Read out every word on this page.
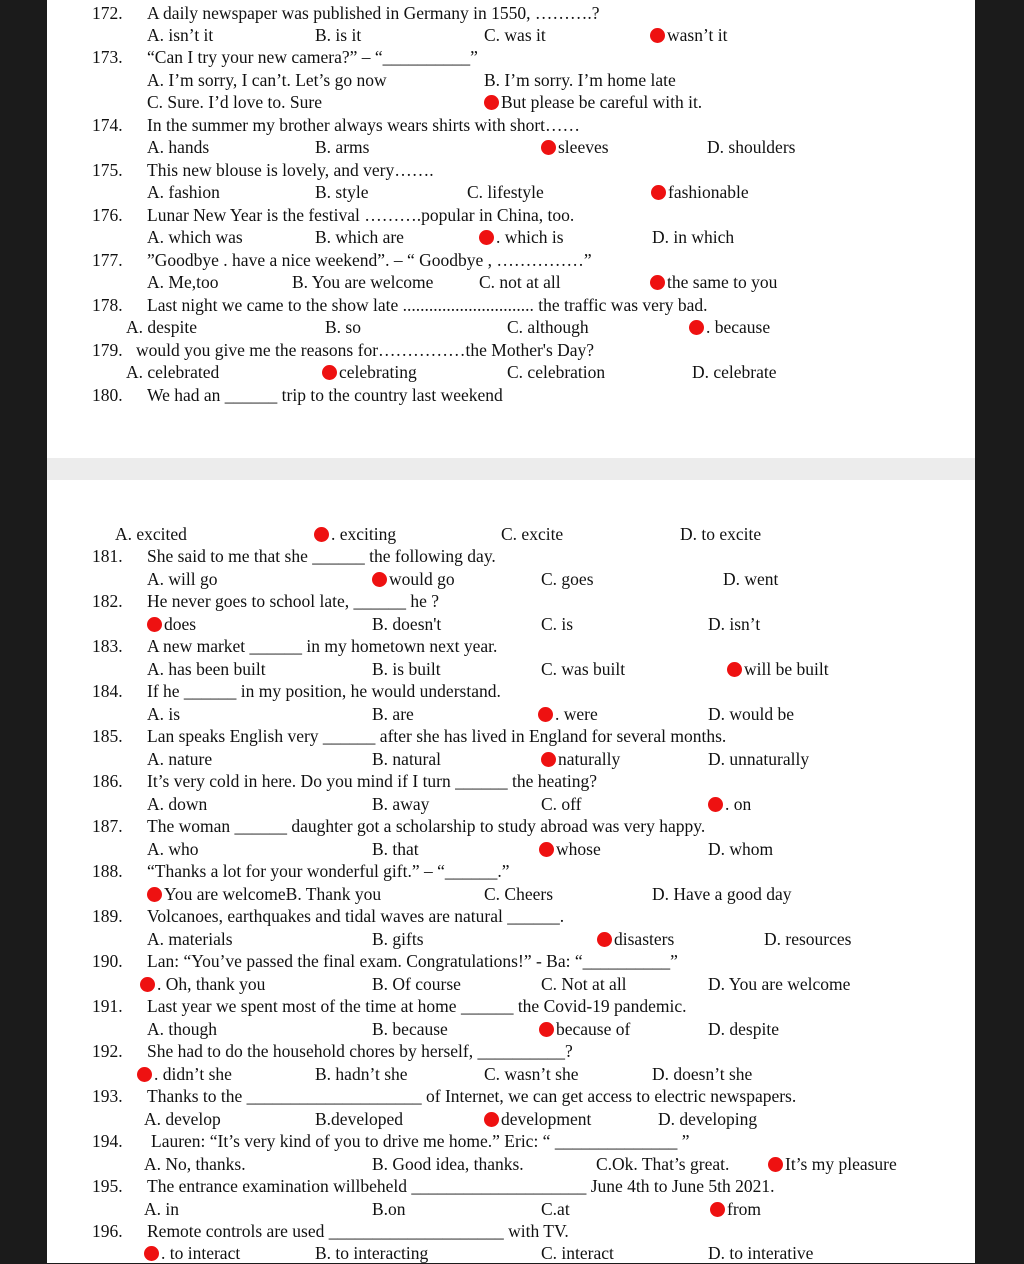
172. A daily newspaper was published in Germany in 1550, ……….?
A. isn’t it	B. is it	C. was it	wasn’t it
173. “Can I try your new camera?” – “__________”
A. I’m sorry, I can’t. Let’s go now	B. I’m sorry. I’m home late
C. Sure. I’d love to. Sure	But please be careful with it.
174. In the summer my brother always wears shirts with short……
A. hands	B. arms	sleeves	D. shoulders
175. This new blouse is lovely, and very…….
A. fashion	B. style	C. lifestyle	fashionable
176. Lunar New Year is the festival ……….popular in China, too.
A. which was	B. which are	. which is	D. in which
177. ”Goodbye . have a nice weekend”. – “ Goodbye , ……………”
A. Me,too	B. You are welcome	C. not at all	the same to you
178. Last night we came to the show late .............................. the traffic was very bad.
A. despite	B. so	C. although	. because
179. would you give me the reasons for……………the Mother's Day?
A. celebrated	celebrating	C. celebration	D. celebrate
180. We had an ______ trip to the country last weekend
A. excited	. exciting	C. excite	D. to excite
181. She said to me that she ______ the following day.
A. will go	would go	C. goes	D. went
182. He never goes to school late, ______ he ?
does	B. doesn't	C. is	D. isn’t
183. A new market ______ in my hometown next year.
A. has been built	B. is built	C. was built	will be built
184. If he ______ in my position, he would understand.
A. is	B. are	. were	D. would be
185. Lan speaks English very ______ after she has lived in England for several months.
A. nature	B. natural	naturally	D. unnaturally
186. It’s very cold in here. Do you mind if I turn ______ the heating?
A. down	B. away	C. off	. on
187. The woman ______ daughter got a scholarship to study abroad was very happy.
A. who	B. that	whose	D. whom
188. “Thanks a lot for your wonderful gift.” – “______.”
You are welcomeB. Thank you	C. Cheers	D. Have a good day
189. Volcanoes, earthquakes and tidal waves are natural ______.
A. materials	B. gifts	disasters	D. resources
190. Lan: “You’ve passed the final exam. Congratulations!” - Ba: “__________”
. Oh, thank you	B. Of course	C. Not at all	D. You are welcome
191. Last year we spent most of the time at home ______ the Covid-19 pandemic.
A. though	B. because	because of	D. despite
192. She had to do the household chores by herself, __________?
. didn’t she	B. hadn’t she	C. wasn’t she	D. doesn’t she
193. Thanks to the ____________________ of Internet, we can get access to electric newspapers.
A. develop	B.developed	development	D. developing
194. Lauren: “It’s very kind of you to drive me home.” Eric: “ ______________ ”
A. No, thanks.	B. Good idea, thanks.	C.Ok. That’s great.	It’s my pleasure
195. The entrance examination willbeheld ____________________ June 4th to June 5th 2021.
A. in	B.on	C.at	from
196. Remote controls are used ____________________ with TV.
. to interact	B. to interacting	C. interact	D. to interative
